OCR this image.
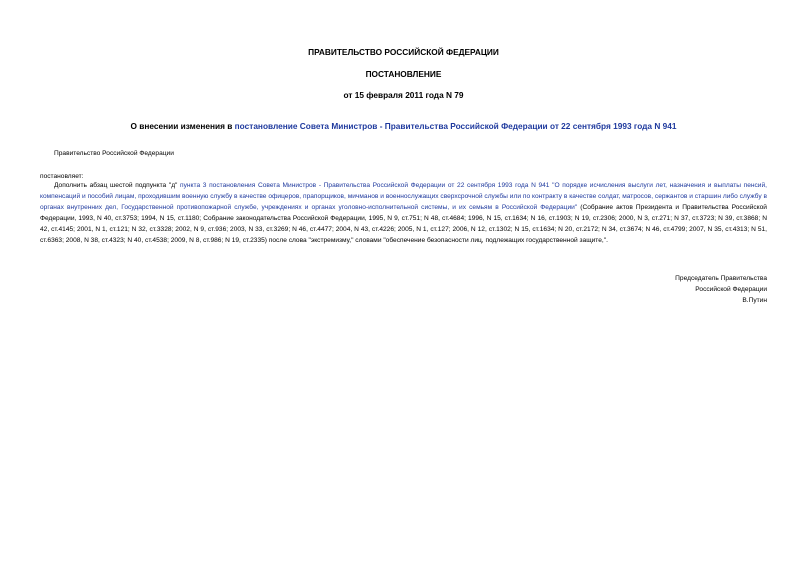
ПРАВИТЕЛЬСТВО РОССИЙСКОЙ ФЕДЕРАЦИИ
ПОСТАНОВЛЕНИЕ
от 15 февраля 2011 года N 79
О внесении изменения в постановление Совета Министров - Правительства Российской Федерации от 22 сентября 1993 года N 941
Правительство Российской Федерации
постановляет:

Дополнить абзац шестой подпункта "д" пункта 3 постановления Совета Министров - Правительства Российской Федерации от 22 сентября 1993 года N 941 "О порядке исчисления выслуги лет, назначения и выплаты пенсий, компенсаций и пособий лицам, проходившим военную службу в качестве офицеров, прапорщиков, мичманов и военнослужащих сверхсрочной службы или по контракту в качестве солдат, матросов, сержантов и старшин либо службу в органах внутренних дел, Государственной противопожарной службе, учреждениях и органах уголовно-исполнительной системы, и их семьям в Российской Федерации" (Собрание актов Президента и Правительства Российской Федерации, 1993, N 40, ст.3753; 1994, N 15, ст.1180; Собрание законодательства Российской Федерации, 1995, N 9, ст.751; N 48, ст.4684; 1996, N 15, ст.1634; N 16, ст.1903; N 19, ст.2306; 2000, N 3, ст.271; N 37, ст.3723; N 39, ст.3868; N 42, ст.4145; 2001, N 1, ст.121; N 32, ст.3328; 2002, N 9, ст.936; 2003, N 33, ст.3269; N 46, ст.4477; 2004, N 43, ст.4226; 2005, N 1, ст.127; 2006, N 12, ст.1302; N 15, ст.1634; N 20, ст.2172; N 34, ст.3674; N 46, ст.4799; 2007, N 35, ст.4313; N 51, ст.6363; 2008, N 38, ст.4323; N 40, ст.4538; 2009, N 8, ст.986; N 19, ст.2335) после слова "экстремизму," словами "обеспечение безопасности лиц, подлежащих государственной защите,".

Председатель Правительства
Российской Федерации
В.Путин
